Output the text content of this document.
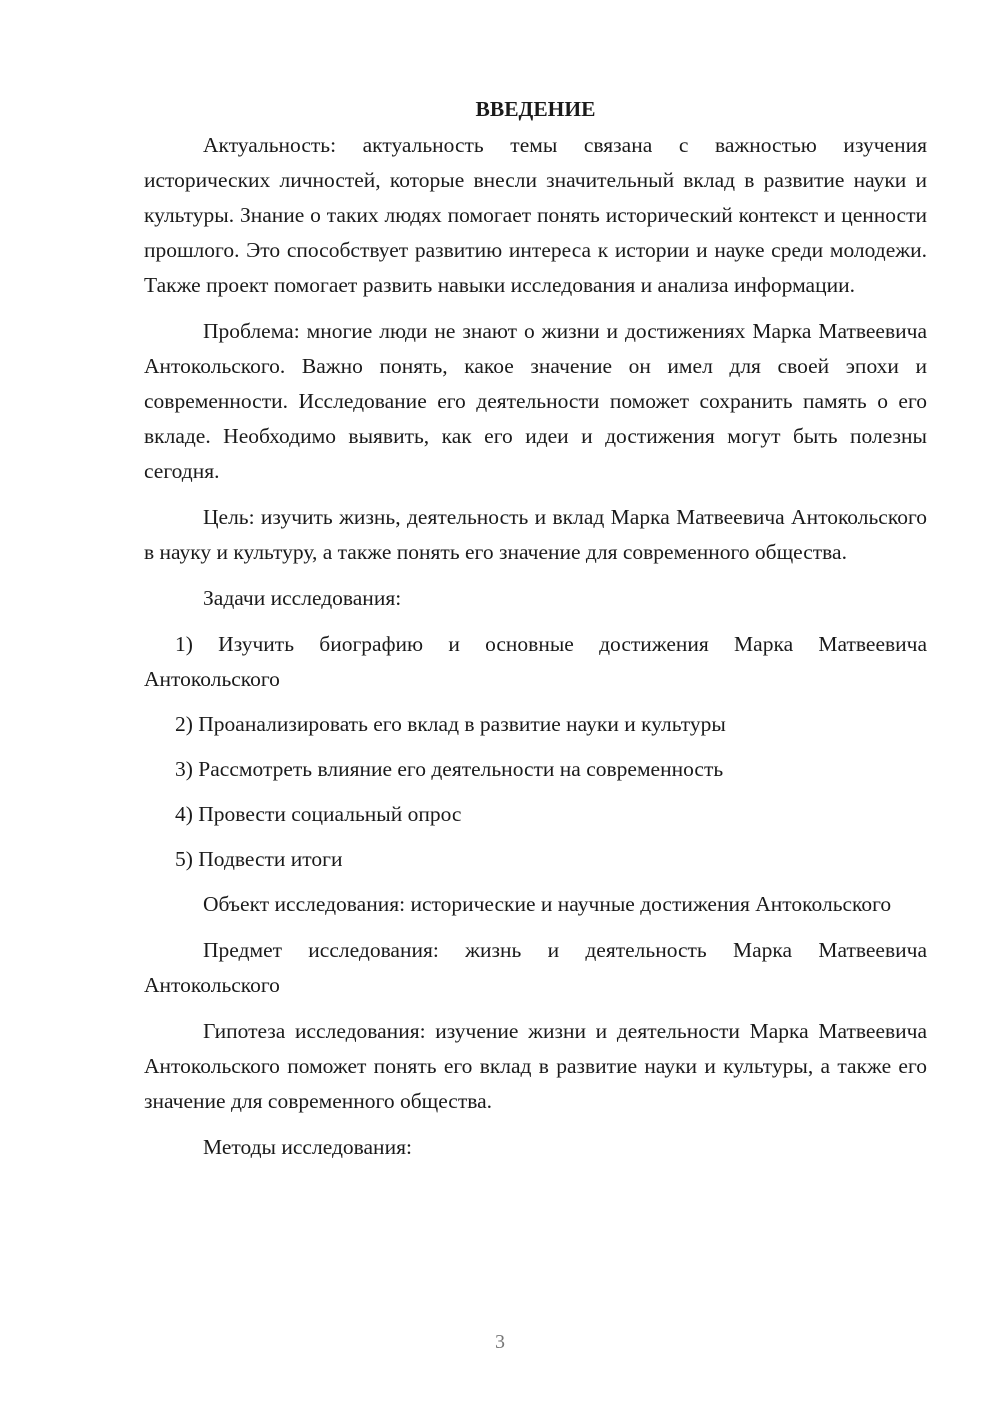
ВВЕДЕНИЕ

Актуальность: актуальность темы связана с важностью изучения исторических личностей, которые внесли значительный вклад в развитие науки и культуры. Знание о таких людях помогает понять исторический контекст и ценности прошлого. Это способствует развитию интереса к истории и науке среди молодежи. Также проект помогает развить навыки исследования и анализа информации.

Проблема: многие люди не знают о жизни и достижениях Марка Матвеевича Антокольского. Важно понять, какое значение он имел для своей эпохи и современности. Исследование его деятельности поможет сохранить память о его вкладе. Необходимо выявить, как его идеи и достижения могут быть полезны сегодня.

Цель: изучить жизнь, деятельность и вклад Марка Матвеевича Антокольского в науку и культуру, а также понять его значение для современного общества.

Задачи исследования:

1) Изучить биографию и основные достижения Марка Матвеевича Антокольского

2) Проанализировать его вклад в развитие науки и культуры

3) Рассмотреть влияние его деятельности на современность

4) Провести социальный опрос

5) Подвести итоги

Объект исследования: исторические и научные достижения Антокольского

Предмет исследования: жизнь и деятельность Марка Матвеевича Антокольского

Гипотеза исследования: изучение жизни и деятельности Марка Матвеевича Антокольского поможет понять его вклад в развитие науки и культуры, а также его значение для современного общества.

Методы исследования:

3
